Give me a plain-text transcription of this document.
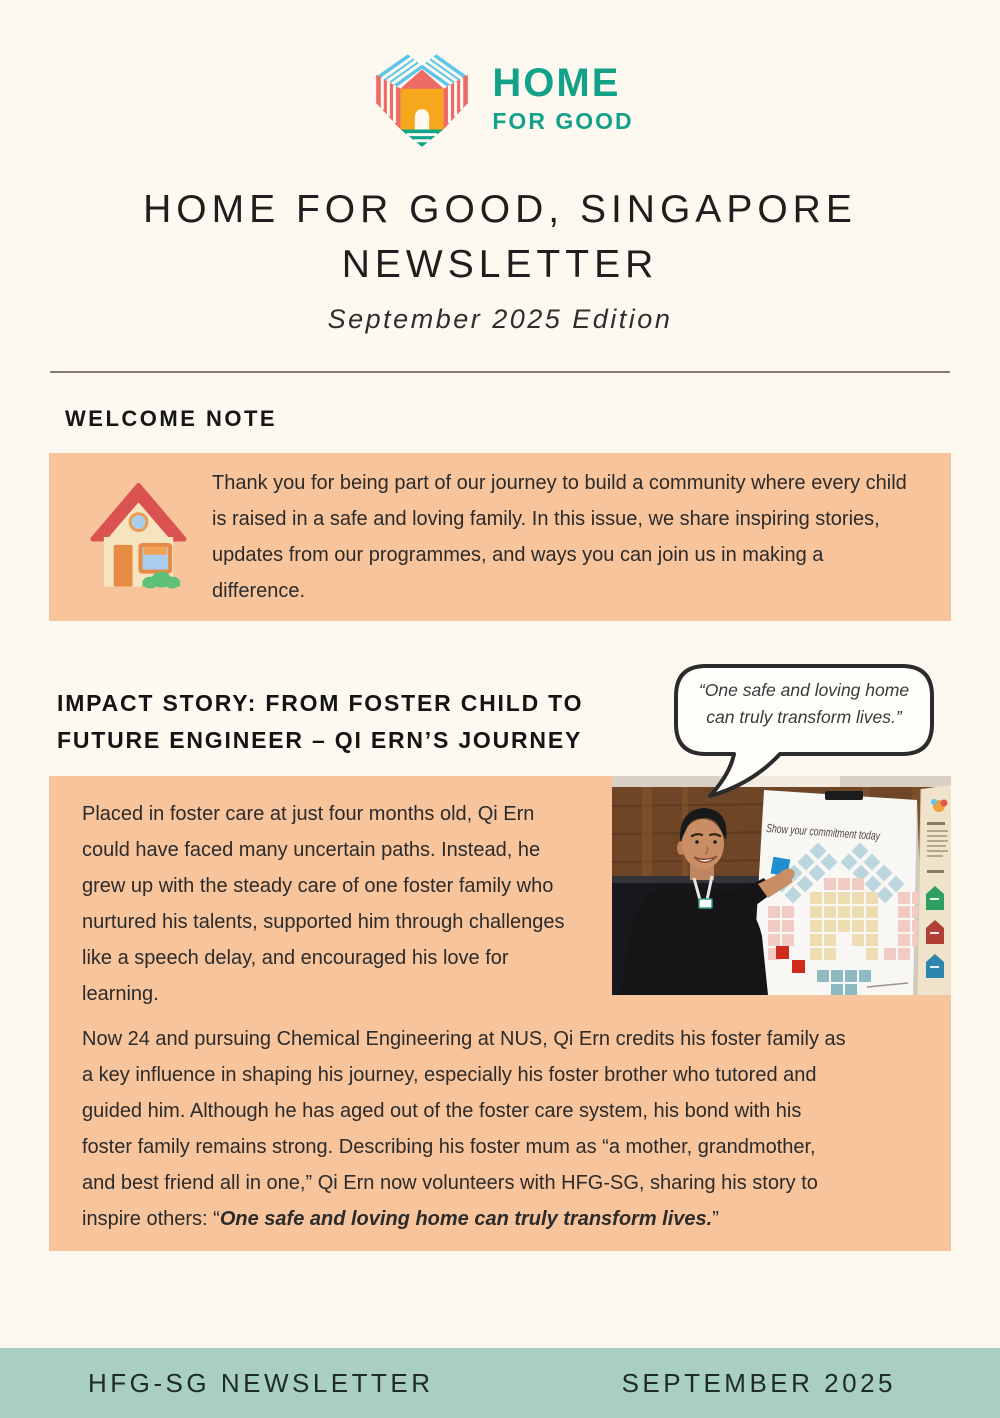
HOME
FOR GOOD
HOME FOR GOOD, SINGAPORE
NEWSLETTER
September 2025 Edition
WELCOME NOTE

Thank you for being part of our journey to build a community where every child is raised in a safe and loving family. In this issue, we share inspiring stories, updates from our programmes, and ways you can join us in making a difference.

IMPACT STORY: FROM FOSTER CHILD TO
FUTURE ENGINEER – QI ERN’S JOURNEY
Show your commitment today

Placed in foster care at just four months old, Qi Ern could have faced many uncertain paths. Instead, he grew up with the steady care of one foster family who nurtured his talents, supported him through challenges like a speech delay, and encouraged his love for learning.

Now 24 and pursuing Chemical Engineering at NUS, Qi Ern credits his foster family as a key influence in shaping his journey, especially his foster brother who tutored and guided him. Although he has aged out of the foster care system, his bond with his foster family remains strong. Describing his foster mum as “a mother, grandmother, and best friend all in one,” Qi Ern now volunteers with HFG-SG, sharing his story to inspire others: “One safe and loving home can truly transform lives.”

“One safe and loving home can truly transform lives.”
HFG-SG NEWSLETTER	SEPTEMBER 2025
